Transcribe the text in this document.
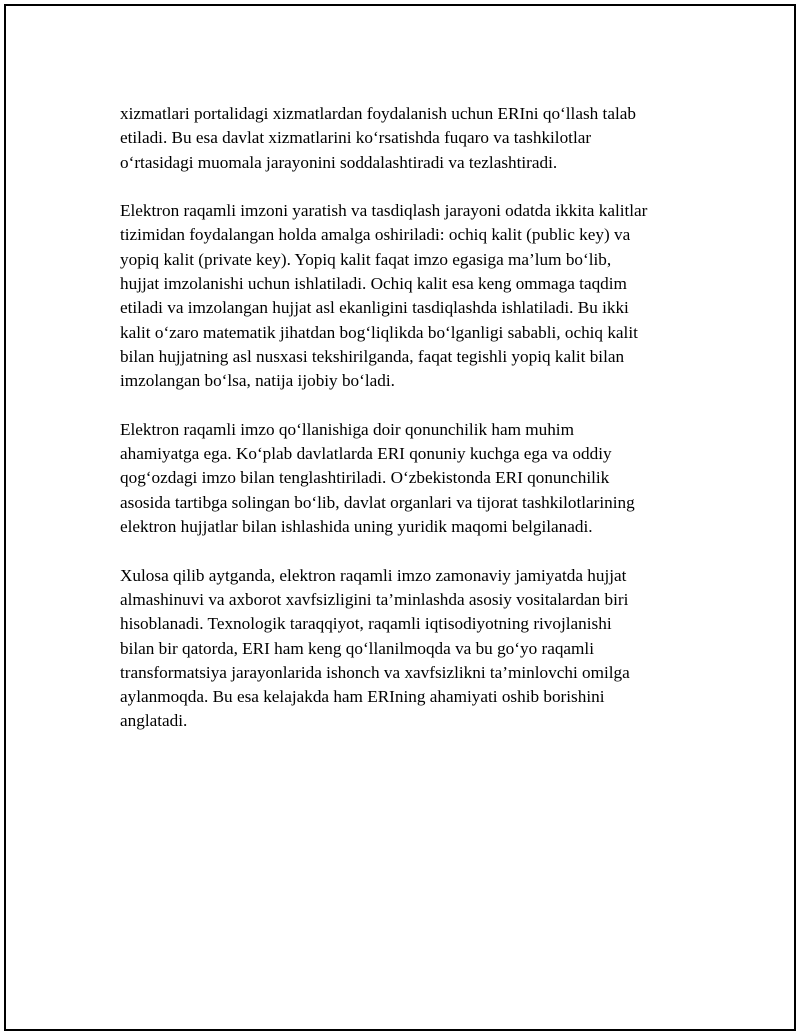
xizmatlari portalidagi xizmatlardan foydalanish uchun ERIni qo‘llash talab
etiladi. Bu esa davlat xizmatlarini ko‘rsatishda fuqaro va tashkilotlar
o‘rtasidagi muomala jarayonini soddalashtiradi va tezlashtiradi.

Elektron raqamli imzoni yaratish va tasdiqlash jarayoni odatda ikkita kalitlar
tizimidan foydalangan holda amalga oshiriladi: ochiq kalit (public key) va
yopiq kalit (private key). Yopiq kalit faqat imzo egasiga ma’lum bo‘lib,
hujjat imzolanishi uchun ishlatiladi. Ochiq kalit esa keng ommaga taqdim
etiladi va imzolangan hujjat asl ekanligini tasdiqlashda ishlatiladi. Bu ikki
kalit o‘zaro matematik jihatdan bog‘liqlikda bo‘lganligi sababli, ochiq kalit
bilan hujjatning asl nusxasi tekshirilganda, faqat tegishli yopiq kalit bilan
imzolangan bo‘lsa, natija ijobiy bo‘ladi.

Elektron raqamli imzo qo‘llanishiga doir qonunchilik ham muhim
ahamiyatga ega. Ko‘plab davlatlarda ERI qonuniy kuchga ega va oddiy
qog‘ozdagi imzo bilan tenglashtiriladi. O‘zbekistonda ERI qonunchilik
asosida tartibga solingan bo‘lib, davlat organlari va tijorat tashkilotlarining
elektron hujjatlar bilan ishlashida uning yuridik maqomi belgilanadi.

Xulosa qilib aytganda, elektron raqamli imzo zamonaviy jamiyatda hujjat
almashinuvi va axborot xavfsizligini ta’minlashda asosiy vositalardan biri
hisoblanadi. Texnologik taraqqiyot, raqamli iqtisodiyotning rivojlanishi
bilan bir qatorda, ERI ham keng qo‘llanilmoqda va bu go‘yo raqamli
transformatsiya jarayonlarida ishonch va xavfsizlikni ta’minlovchi omilga
aylanmoqda. Bu esa kelajakda ham ERIning ahamiyati oshib borishini
anglatadi.
